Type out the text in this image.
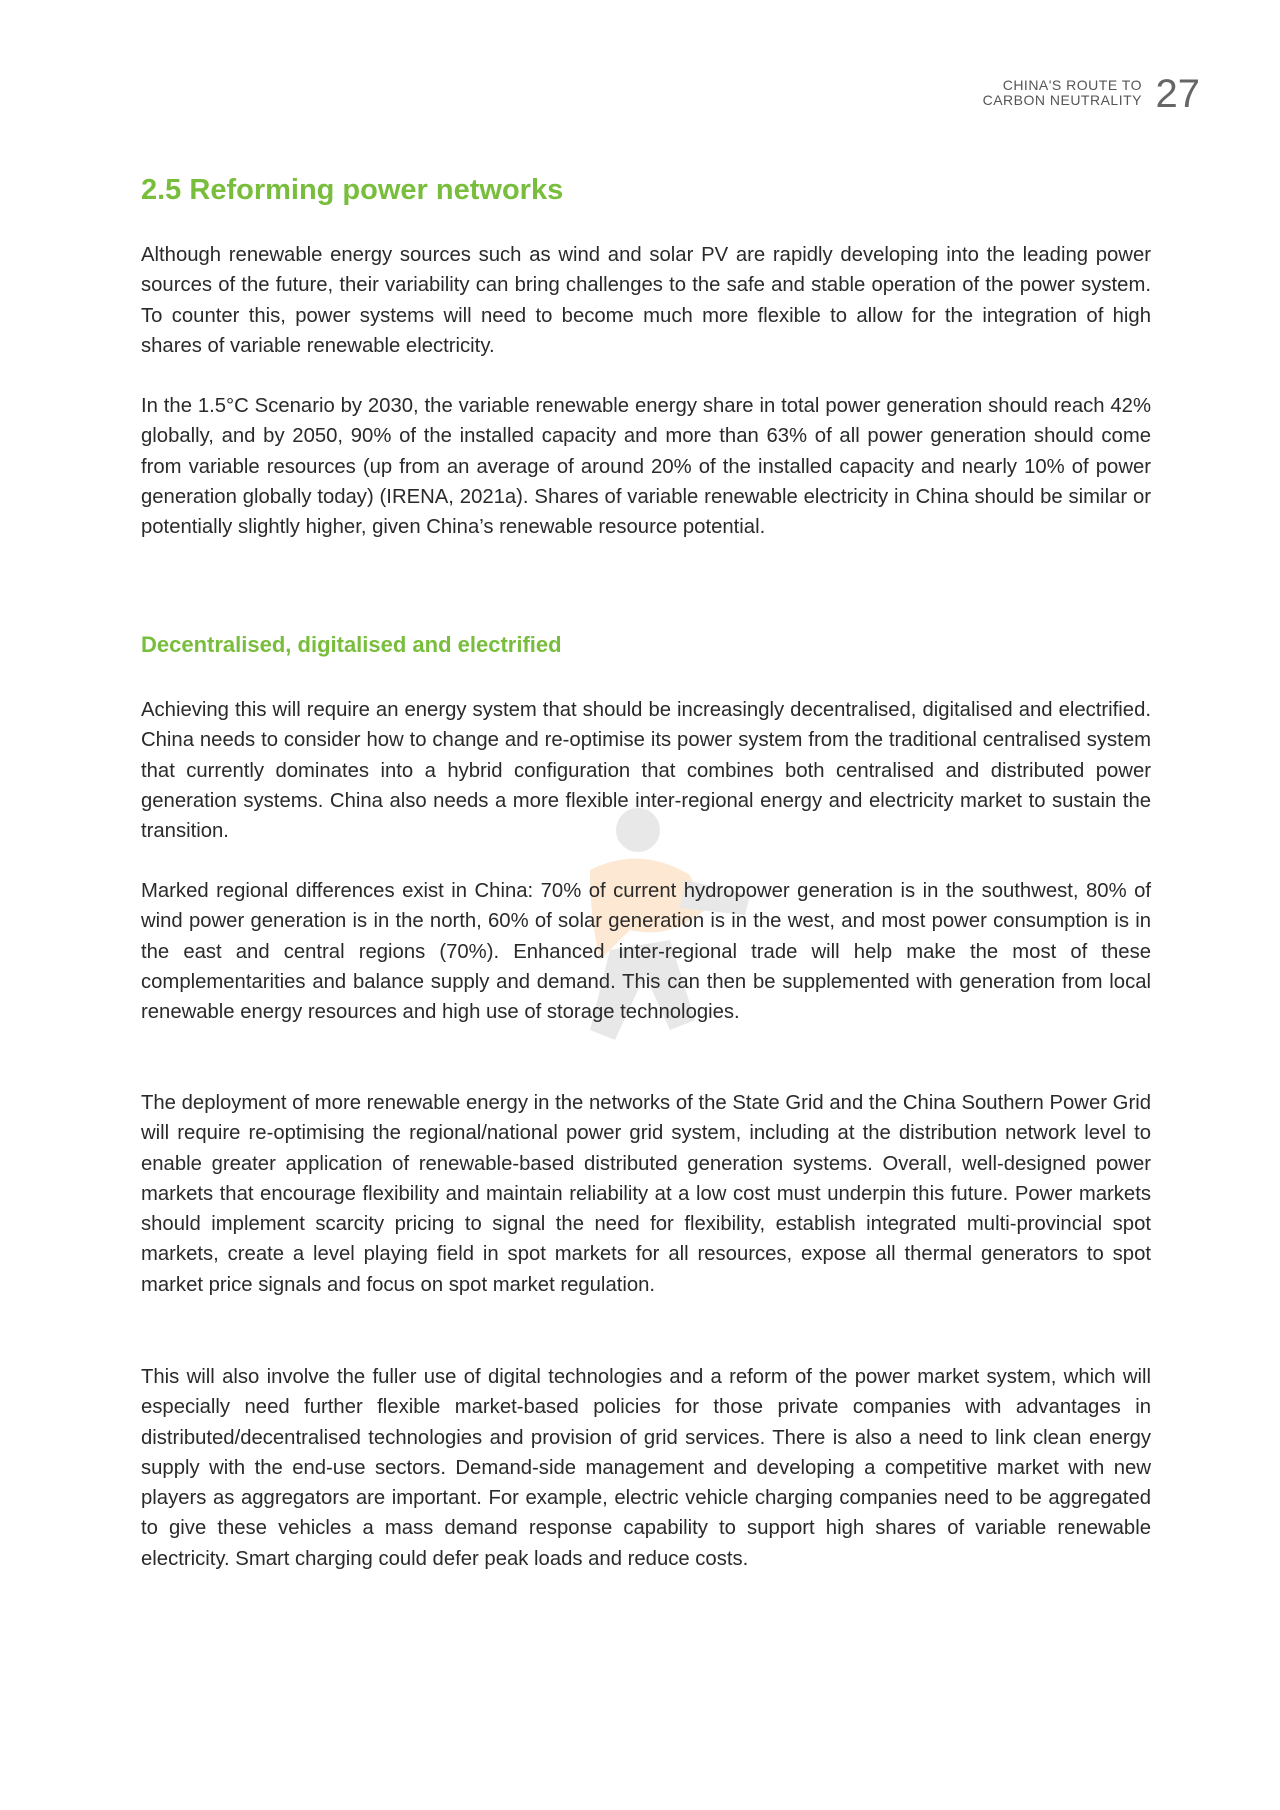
CHINA'S ROUTE TO
CARBON NEUTRALITY 27
2.5 Reforming power networks

Although renewable energy sources such as wind and solar PV are rapidly developing into the leading power sources of the future, their variability can bring challenges to the safe and stable operation of the power system. To counter this, power systems will need to become much more flexible to allow for the integration of high shares of variable renewable electricity.

In the 1.5°C Scenario by 2030, the variable renewable energy share in total power generation should reach 42% globally, and by 2050, 90% of the installed capacity and more than 63% of all power generation should come from variable resources (up from an average of around 20% of the installed capacity and nearly 10% of power generation globally today) (IRENA, 2021a). Shares of variable renewable electricity in China should be similar or potentially slightly higher, given China’s renewable resource potential.

Decentralised, digitalised and electrified

Achieving this will require an energy system that should be increasingly decentralised, digitalised and electrified. China needs to consider how to change and re-optimise its power system from the traditional centralised system that currently dominates into a hybrid configuration that combines both centralised and distributed power generation systems. China also needs a more flexible inter-regional energy and electricity market to sustain the transition.

Marked regional differences exist in China: 70% of current hydropower generation is in the southwest, 80% of wind power generation is in the north, 60% of solar generation is in the west, and most power consumption is in the east and central regions (70%). Enhanced inter-regional trade will help make the most of these complementarities and balance supply and demand. This can then be supplemented with generation from local renewable energy resources and high use of storage technologies.

The deployment of more renewable energy in the networks of the State Grid and the China Southern Power Grid will require re-optimising the regional/national power grid system, including at the distribution network level to enable greater application of renewable-based distributed generation systems. Overall, well-designed power markets that encourage flexibility and maintain reliability at a low cost must underpin this future. Power markets should implement scarcity pricing to signal the need for flexibility, establish integrated multi-provincial spot markets, create a level playing field in spot markets for all resources, expose all thermal generators to spot market price signals and focus on spot market regulation.

This will also involve the fuller use of digital technologies and a reform of the power market system, which will especially need further flexible market-based policies for those private companies with advantages in distributed/decentralised technologies and provision of grid services. There is also a need to link clean energy supply with the end-use sectors. Demand-side management and developing a competitive market with new players as aggregators are important. For example, electric vehicle charging companies need to be aggregated to give these vehicles a mass demand response capability to support high shares of variable renewable electricity. Smart charging could defer peak loads and reduce costs.
